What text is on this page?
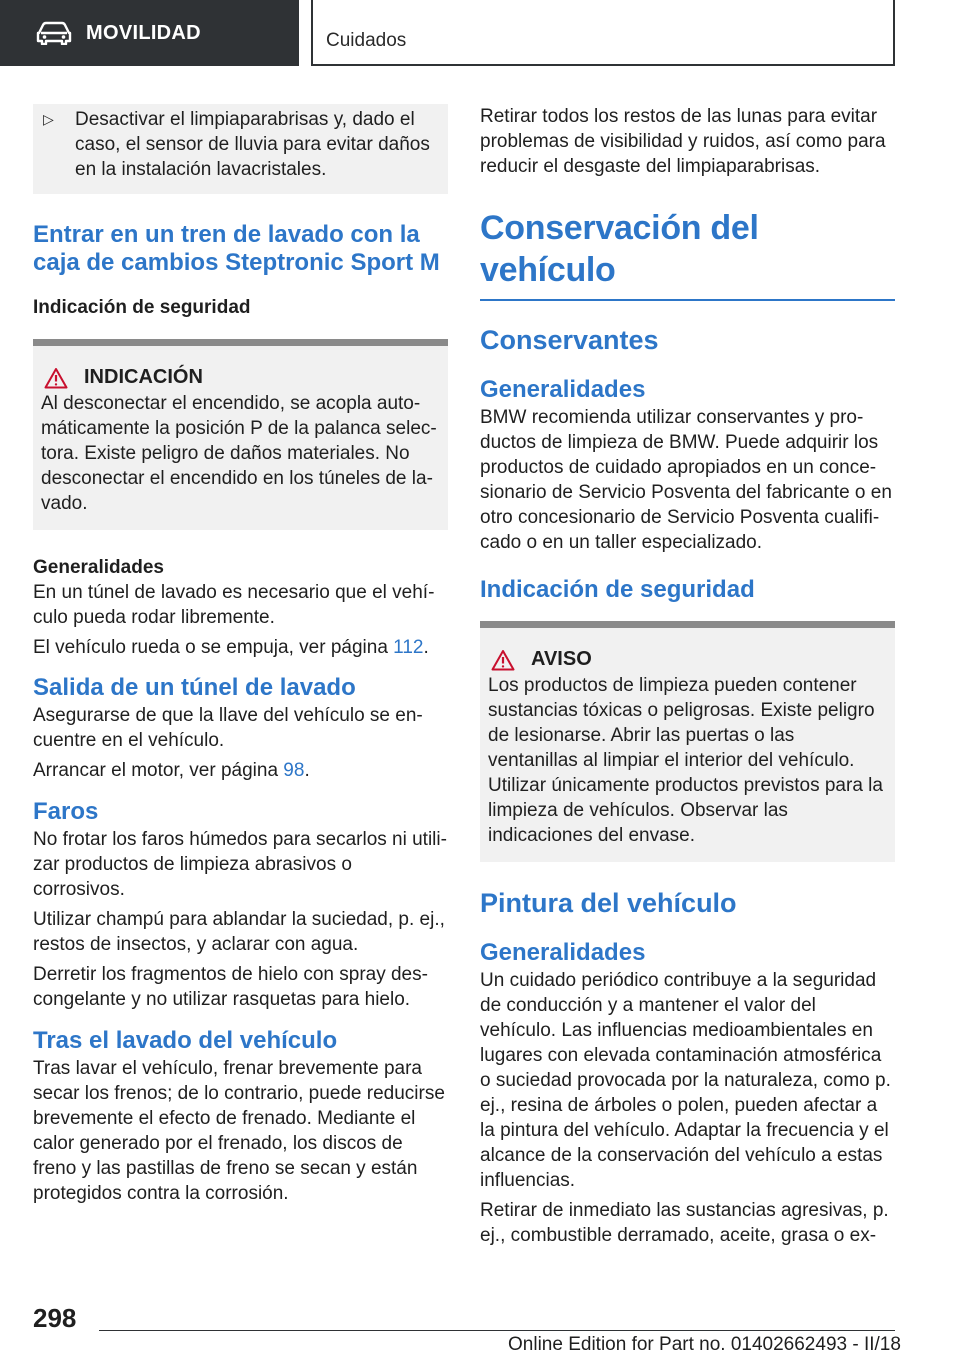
MOVILIDAD	Cuidados
▷	Desactivar el limpiaparabrisas y, dado el caso, el sensor de lluvia para evitar daños en la instalación lavacristales.
Entrar en un tren de lavado con la caja de cambios Steptronic Sport M
Indicación de seguridad
INDICACIÓN
Al desconectar el encendido, se acopla automáticamente la posición P de la palanca selectora. Existe peligro de daños materiales. No desconectar el encendido en los túneles de lavado.
Generalidades

En un túnel de lavado es necesario que el vehículo pueda rodar libremente.

El vehículo rueda o se empuja, ver página 112.

Salida de un túnel de lavado

Asegurarse de que la llave del vehículo se encuentre en el vehículo.

Arrancar el motor, ver página 98.

Faros

No frotar los faros húmedos para secarlos ni utilizar productos de limpieza abrasivos o corrosivos.

Utilizar champú para ablandar la suciedad, p. ej., restos de insectos, y aclarar con agua.

Derretir los fragmentos de hielo con spray descongelante y no utilizar rasquetas para hielo.

Tras el lavado del vehículo

Tras lavar el vehículo, frenar brevemente para secar los frenos; de lo contrario, puede reducirse brevemente el efecto de frenado. Mediante el calor generado por el frenado, los discos de freno y las pastillas de freno se secan y están protegidos contra la corrosión.

Retirar todos los restos de las lunas para evitar problemas de visibilidad y ruidos, así como para reducir el desgaste del limpiaparabrisas.

Conservación del vehículo
Conservantes
Generalidades

BMW recomienda utilizar conservantes y productos de limpieza de BMW. Puede adquirir los productos de cuidado apropiados en un concesionario de Servicio Posventa del fabricante o en otro concesionario de Servicio Posventa cualificado o en un taller especializado.

Indicación de seguridad
AVISO
Los productos de limpieza pueden contener sustancias tóxicas o peligrosas. Existe peligro de lesionarse. Abrir las puertas o las ventanillas al limpiar el interior del vehículo. Utilizar únicamente productos previstos para la limpieza de vehículos. Observar las indicaciones del envase.
Pintura del vehículo
Generalidades

Un cuidado periódico contribuye a la seguridad de conducción y a mantener el valor del vehículo. Las influencias medioambientales en lugares con elevada contaminación atmosférica o suciedad provocada por la naturaleza, como p. ej., resina de árboles o polen, pueden afectar a la pintura del vehículo. Adaptar la frecuencia y el alcance de la conservación del vehículo a estas influencias.

Retirar de inmediato las sustancias agresivas, p. ej., combustible derramado, aceite, grasa o ex-

298
Online Edition for Part no. 01402662493 - II/18
